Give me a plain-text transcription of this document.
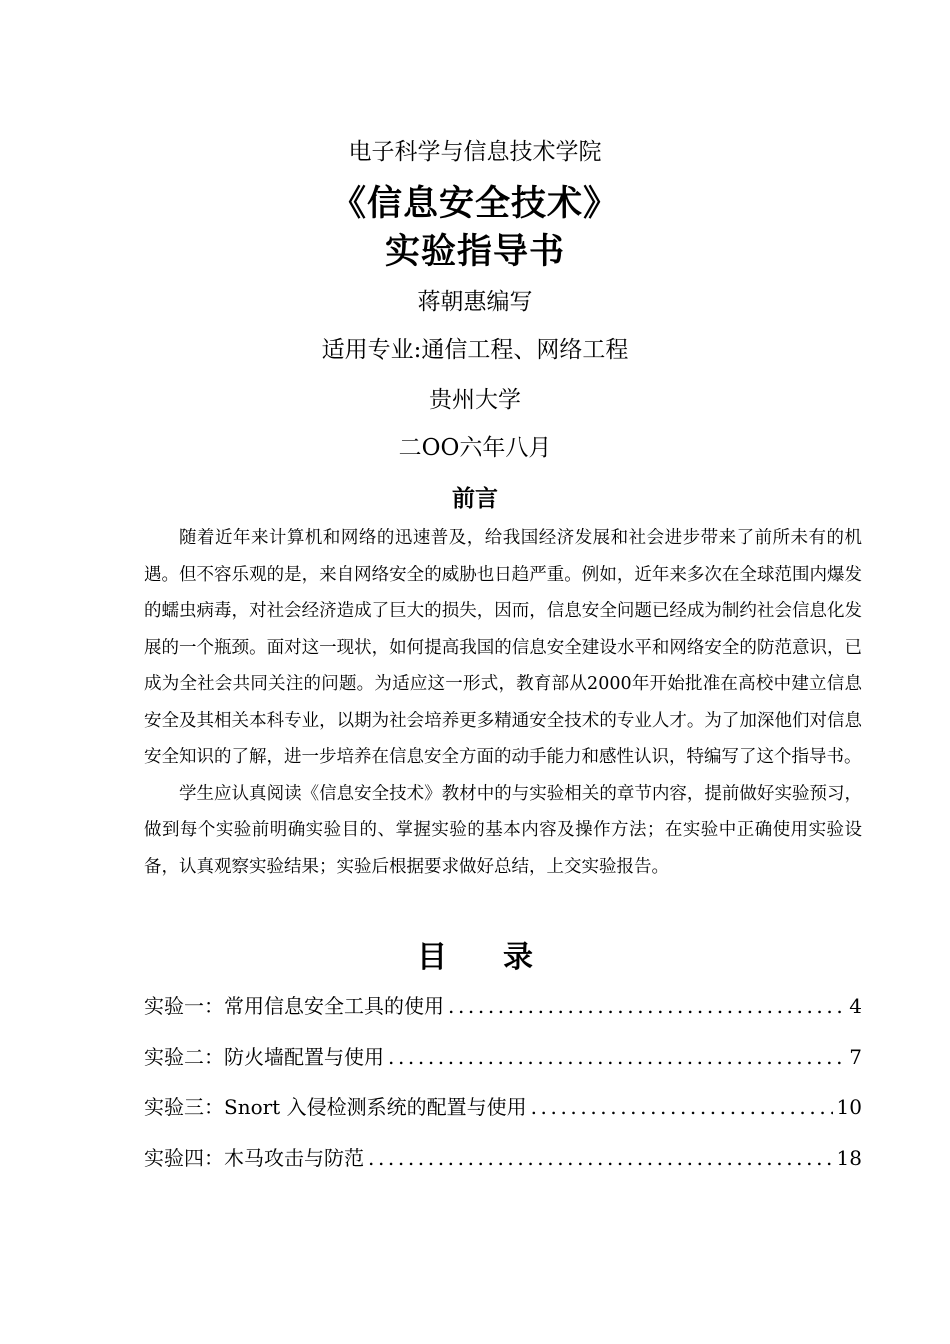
电子科学与信息技术学院
《信息安全技术》
实验指导书
蒋朝惠编写
适用专业:通信工程、网络工程
贵州大学
二OO六年八月
前言

随着近年来计算机和网络的迅速普及，给我国经济发展和社会进步带来了前所未有的机遇。但不容乐观的是，来自网络安全的威胁也日趋严重。例如，近年来多次在全球范围内爆发的蠕虫病毒，对社会经济造成了巨大的损失，因而，信息安全问题已经成为制约社会信息化发展的一个瓶颈。面对这一现状，如何提高我国的信息安全建设水平和网络安全的防范意识，已成为全社会共同关注的问题。为适应这一形式，教育部从2000年开始批准在高校中建立信息安全及其相关本科专业，以期为社会培养更多精通安全技术的专业人才。为了加深他们对信息安全知识的了解，进一步培养在信息安全方面的动手能力和感性认识，特编写了这个指导书。

学生应认真阅读《信息安全技术》教材中的与实验相关的章节内容，提前做好实验预习，做到每个实验前明确实验目的、掌握实验的基本内容及操作方法；在实验中正确使用实验设备，认真观察实验结果；实验后根据要求做好总结，上交实验报告。

目 录
实验一：常用信息安全工具的使用 .....	4
实验二：防火墙配置与使用 .....	7
实验三：Snort 入侵检测系统的配置与使用 .....	10
实验四：木马攻击与防范 .....	18
